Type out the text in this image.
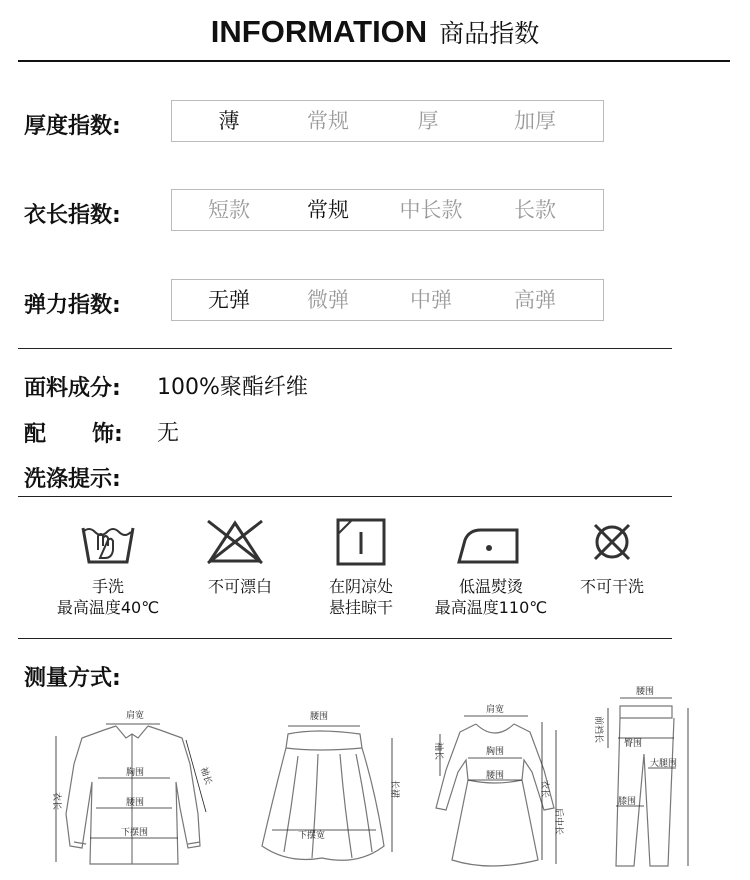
INFORMATION 商品指数
厚度指数:	薄	常规	厚	加厚
衣长指数:	短款	常规 中长款 长款
弹力指数:	无弹	微弹	中弹	高弹
面料成分: 100%聚酯纤维
配      饰: 无
洗涤提示:
手洗
最高温度40℃
不可漂白	在阴凉处
悬挂晾干
低温熨烫
最高温度110℃
不可干洗
测量方式:
肩宽
衣长
袖长
胸围
腰围
下摆围
腰围
长裙
下摆宽
肩宽
袖长	胸围
腰围
衣长
后中长
腰围
前裆长
臀围
大腿围
膝围
